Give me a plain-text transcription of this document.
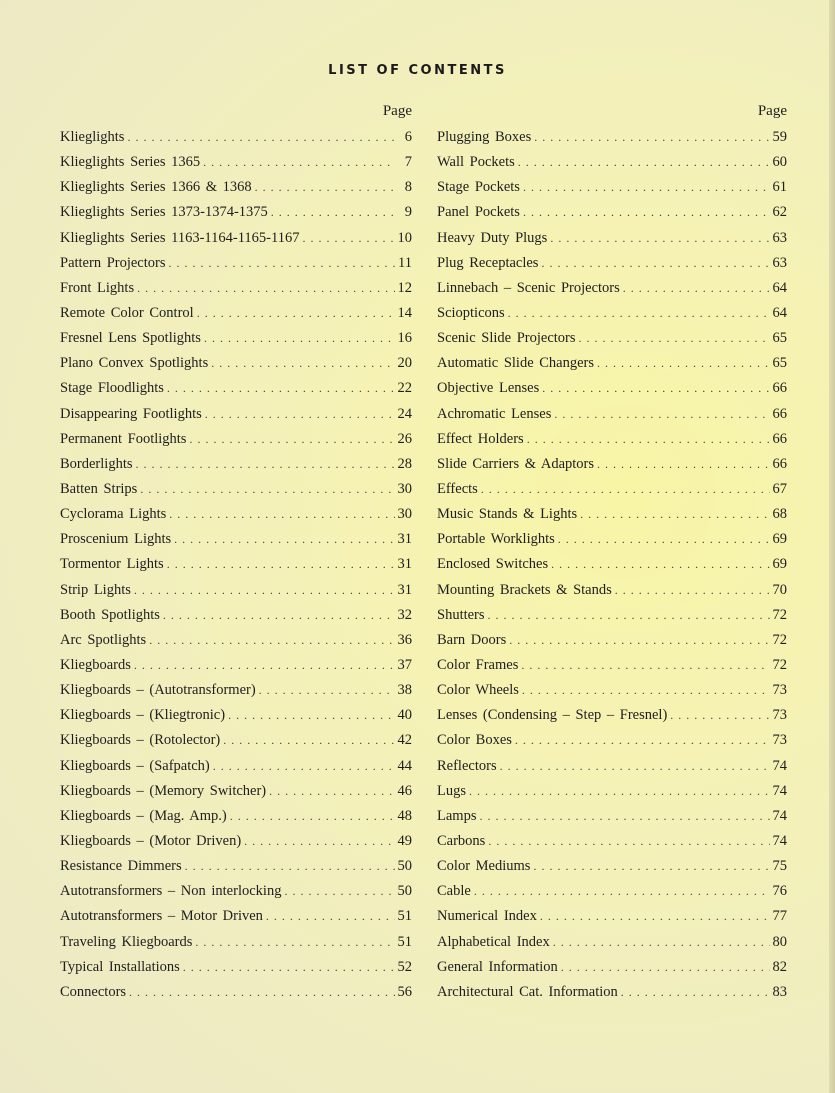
LIST OF CONTENTS
Page
Klieglights . . .	6
Klieglights Series 1365 . . .	7
Klieglights Series 1366 & 1368 . . .	8
Klieglights Series 1373-1374-1375 . . .	9
Klieglights Series 1163-1164-1165-1167 . . .	10
Pattern Projectors . . .	11
Front Lights . . .	12
Remote Color Control . . .	14
Fresnel Lens Spotlights . . .	16
Plano Convex Spotlights . . .	20
Stage Floodlights . . .	22
Disappearing Footlights . . .	24
Permanent Footlights . . .	26
Borderlights . . .	28
Batten Strips . . .	30
Cyclorama Lights . . .	30
Proscenium Lights . . .	31
Tormentor Lights . . .	31
Strip Lights . . .	31
Booth Spotlights . . .	32
Arc Spotlights . . .	36
Kliegboards . . .	37
Kliegboards – (Autotransformer) . . .	38
Kliegboards – (Kliegtronic) . . .	40
Kliegboards – (Rotolector) . . .	42
Kliegboards – (Safpatch) . . .	44
Kliegboards – (Memory Switcher) . . .	46
Kliegboards – (Mag. Amp.) . . .	48
Kliegboards – (Motor Driven) . . .	49
Resistance Dimmers . . .	50
Autotransformers – Non interlocking . . .	50
Autotransformers – Motor Driven . . .	51
Traveling Kliegboards . . .	51
Typical Installations . . .	52
Connectors . . .	56
Page
Plugging Boxes . . .	59
Wall Pockets . . .	60
Stage Pockets . . .	61
Panel Pockets . . .	62
Heavy Duty Plugs . . .	63
Plug Receptacles . . .	63
Linnebach – Scenic Projectors . . .	64
Sciopticons . . .	64
Scenic Slide Projectors . . .	65
Automatic Slide Changers . . .	65
Objective Lenses . . .	66
Achromatic Lenses . . .	66
Effect Holders . . .	66
Slide Carriers & Adaptors . . .	66
Effects . . .	67
Music Stands & Lights . . .	68
Portable Worklights . . .	69
Enclosed Switches . . .	69
Mounting Brackets & Stands . . .	70
Shutters . . .	72
Barn Doors . . .	72
Color Frames . . .	72
Color Wheels . . .	73
Lenses (Condensing – Step – Fresnel) . . .	73
Color Boxes . . .	73
Reflectors . . .	74
Lugs . . .	74
Lamps . . .	74
Carbons . . .	74
Color Mediums . . .	75
Cable . . .	76
Numerical Index . . .	77
Alphabetical Index . . .	80
General Information . . .	82
Architectural Cat. Information . . .	83
